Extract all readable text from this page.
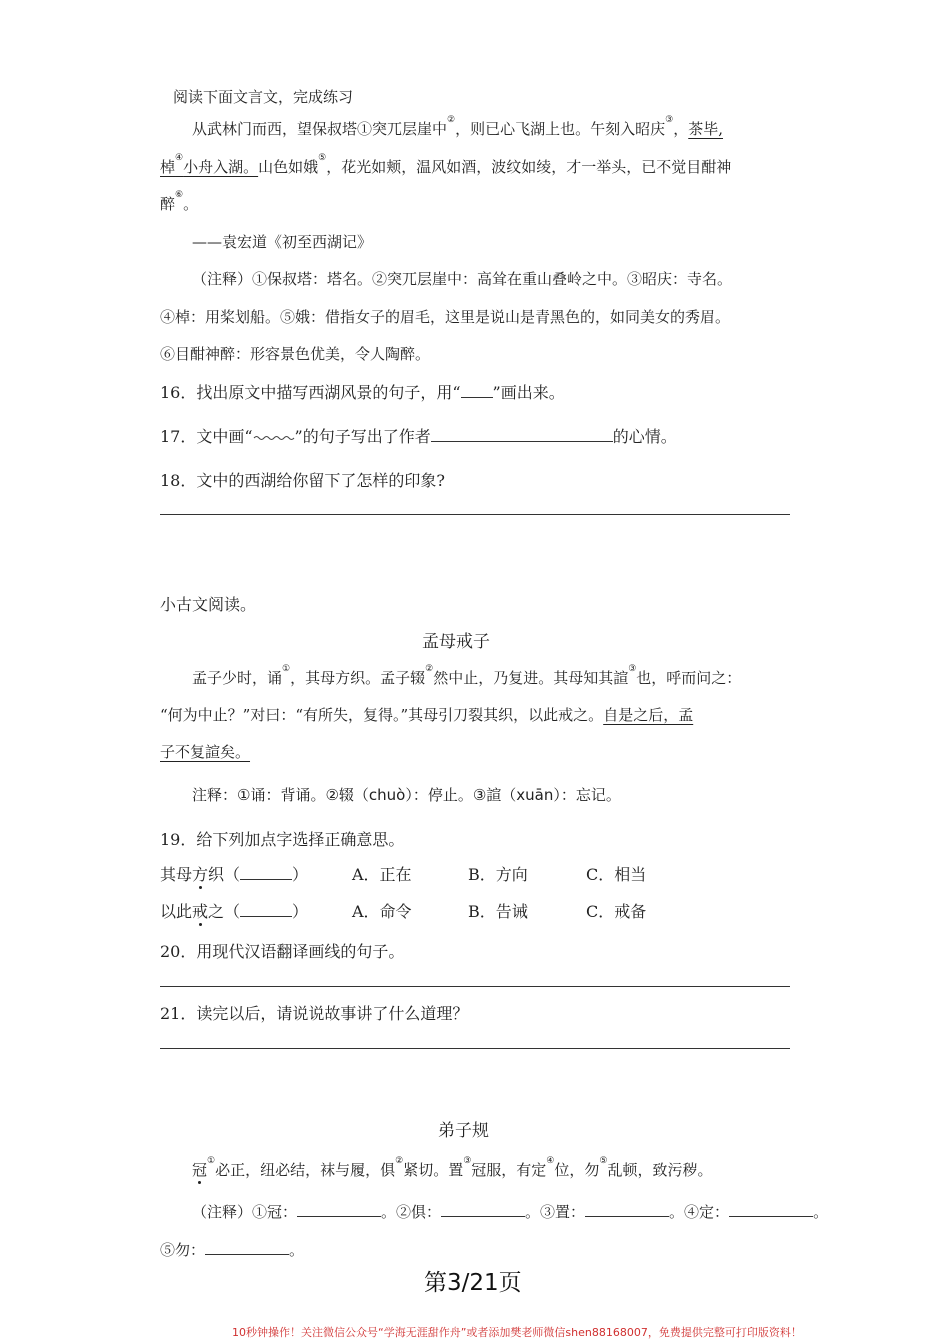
阅读下面文言文，完成练习
从武林门而西，望保叔塔①突兀层崖中②，则已心飞湖上也。午刻入昭庆③，茶毕,
棹④小舟入湖。山色如娥⑤，花光如颊，温风如酒，波纹如绫，才一举头，已不觉目酣神
醉⑥。
——袁宏道《初至西湖记》
（注释）①保叔塔：塔名。②突兀层崖中：高耸在重山叠岭之中。③昭庆：寺名。
④棹：用桨划船。⑤娥：借指女子的眉毛，这里是说山是青黑色的，如同美女的秀眉。
⑥目酣神醉：形容景色优美，令人陶醉。
16．找出原文中描写西湖风景的句子，用“ ”画出来。
17．文中画“	”的句子写出了作者	的心情。
18．文中的西湖给你留下了怎样的印象?
小古文阅读。
孟母戒子
孟子少时，诵①，其母方织。孟子辍②然中止，乃复进。其母知其諠③也，呼而问之：
“何为中止？”对曰：“有所失，复得。”其母引刀裂其织，以此戒之。自是之后，孟
子不复諠矣。
注释：①诵：背诵。②辍（chuò）：停止。③諠（xuān）：忘记。
19．给下列加点字选择正确意思。
其母方织（	）	A．正在	B．方向	C．相当
以此戒之（	）	A．命令	B．告诫	C．戒备
20．用现代汉语翻译画线的句子。
21．读完以后，请说说故事讲了什么道理？
弟子规
冠①必正，纽必结，袜与履，俱②紧切。置③冠服，有定④位，勿⑤乱顿，致污秽。
（注释）①冠：	。②俱：	。③置：	。④定：	。
⑤勿：	。
第3/21页
10秒钟操作！关注微信公众号“学海无涯甜作舟”或者添加樊老师微信shen88168007，免费提供完整可打印版资料！
